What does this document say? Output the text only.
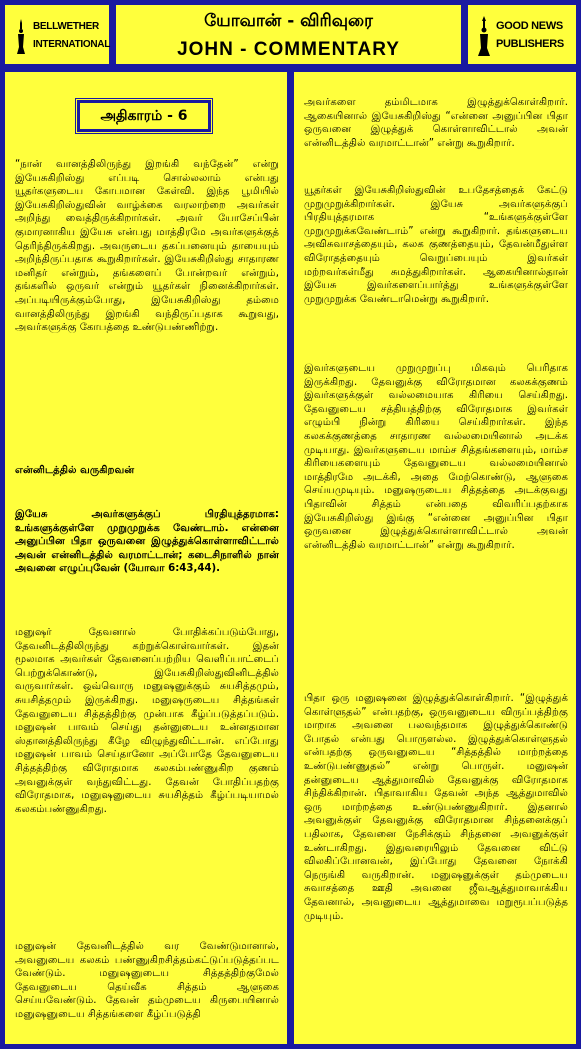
BELLWETHER
INTERNATIONAL
யோவான் - விரிவுரை
JOHN - COMMENTARY
GOOD NEWS
PUBLISHERS
அதிகாரம் - 6

“நான் வானத்திலிருந்து இறங்கி வந்தேன்” என்று இயேசுகிறிஸ்து எப்படி சொல்லலாம் என்பது யூதர்களுடைய கோபமான கேள்வி. இந்த பூமியில் இயேசுகிறிஸ்துவின் வாழ்க்கை வரலாற்றை அவர்கள் அறிந்து வைத்திருக்கிறார்கள். அவர் யோசேப்பின் குமாரனாகிய இயேசு என்பது மாத்திரமே அவர்களுக்குத் தெரிந்திருக்கிறது. அவருடைய தகப்பனையும் தாயையும் அறிந்திருப்பதாக கூறுகிறார்கள். இயேசுகிறிஸ்து சாதாரண மனிதர் என்றும், தங்களைப் போன்றவர் என்றும், தங்களில் ஒருவர் என்றும் யூதர்கள் நினைக்கிறார்கள். அப்படியிருக்கும்போது, இயேசுகிறிஸ்து தம்மை வானத்திலிருந்து இறங்கி வந்திருப்பதாக கூறுவது, அவர்களுக்கு கோபத்தை உண்டுபண்ணிற்று.

என்னிடத்தில் வருகிறவன்

இயேசு அவர்களுக்குப் பிரதியுத்தரமாக: உங்களுக்குள்ளே முறுமுறுக்க வேண்டாம். என்னை அனுப்பின பிதா ஒருவனை இழுத்துக்கொள்ளாவிட்டால் அவன் என்னிடத்தில் வரமாட்டான்; கடைசிநாளில் நான் அவனை எழுப்புவேன் (யோவா 6:43,44).

மனுஷர் தேவனால் போதிக்கப்படும்போது, தேவனிடத்திலிருந்து கற்றுக்கொள்வார்கள். இதன் மூலமாக அவர்கள் தேவனைப்பற்றிய வெளிப்பாட்டைப் பெற்றுக்கொண்டு, இயேசுகிறிஸ்துவினிடத்தில் வருவார்கள். ஒவ்வொரு மனுஷனுக்கும் சுயசித்தமும், சுயசித்தமும் இருக்கிறது. மனுஷருடைய சித்தங்கள் தேவனுடைய சித்தத்திற்கு முன்பாக கீழ்ப்படுத்தப்படும். மனுஷன் பாவம் செய்து தன்னுடைய உன்னதமான ஸ்தானத்திலிருந்து கீழே விழுந்துவிட்டான். எப்போது மனுஷன் பாவம் செய்தானோ அப்போதே தேவனுடைய சித்தத்திற்கு விரோதமாக கலகம்பண்ணுகிற குணம் அவனுக்குள் வந்துவிட்டது. தேவன் போதிப்பதற்கு விரோதமாக, மனுஷனுடைய சுயசித்தம் கீழ்ப்படியாமல் கலகம்பண்ணுகிறது.

மனுஷன் தேவனிடத்தில் வர வேண்டுமானால், அவனுடைய கலகம் பண்ணுகிறசித்தம்கட்டுப்படுத்தப்பட வேண்டும். மனுஷனுடைய சித்தத்திற்குமேல் தேவனுடைய தெய்வீக சித்தம் ஆளுகை செய்யவேண்டும். தேவன் தம்முடைய கிருபையினால் மனுஷனுடைய சித்தங்களை கீழ்ப்படுத்தி

அவர்களை தம்மிடமாக இழுத்துக்கொள்கிறார். ஆகையினால் இயேசுகிறிஸ்து “என்னை அனுப்பின பிதா ஒருவனை இழுத்துக் கொள்ளாவிட்டால் அவன் என்னிடத்தில் வரமாட்டான்” என்று கூறுகிறார்.

யூதர்கள் இயேசுகிறிஸ்துவின் உபதேசத்தைக் கேட்டு முறுமுறுக்கிறார்கள். இயேசு அவர்களுக்குப் பிரதியுத்தரமாக “உங்களுக்குள்ளே முறுமுறுக்கவேண்டாம்” என்று கூறுகிறார். தங்களுடைய அவிசுவாசத்தையும், கலக குணத்தையும், தேவன்மீதுள்ள விரோதத்தையும் வெறுப்பையும் இவர்கள் மற்றவர்கள்மீது சுமத்துகிறார்கள். ஆகையினால்தான் இயேசு இவர்களைப்பார்த்து உங்களுக்குள்ளே முறுமுறுக்க வேண்டாமென்று கூறுகிறார்.

இவர்களுடைய முறுமுறுப்பு மிகவும் பெரிதாக இருக்கிறது. தேவனுக்கு விரோதமான கலகக்குணம் இவர்களுக்குள் வல்லமையாக கிரியை செய்கிறது. தேவனுடைய சத்தியத்திற்கு விரோதமாக இவர்கள் எழும்பி நின்று கிரியை செய்கிறார்கள். இந்த கலகக்குணத்தை சாதாரண வல்லமையினால் அடக்க முடியாது. இவர்களுடைய மாம்ச சித்தங்களையும், மாம்ச கிரியைகளையும் தேவனுடைய வல்லமையினால் மாத்திரமே அடக்கி, அதை மேற்கொண்டு, ஆளுகை செய்யமுடியும். மனுஷருடைய சித்தத்தை அடக்குவது பிதாவின் சித்தம் என்பதை விவரிப்பதற்காக இயேசுகிறிஸ்து இங்கு “என்னை அனுப்பின பிதா ஒருவனை இழுத்துக்கொள்ளாவிட்டால் அவன் என்னிடத்தில் வரமாட்டான்” என்று கூறுகிறார்.

பிதா ஒரு மனுஷனை இழுத்துக்கொள்கிறார். “இழுத்துக் கொள்ளுதல்” என்பதற்கு, ஒருவனுடைய விருப்பத்திற்கு மாறாக அவனை பலவந்தமாக இழுத்துக்கொண்டு போதல் என்பது பொருளல்ல. இழுத்துக்கொள்ளுதல் என்பதற்கு ஒருவனுடைய “சித்தத்தில் மாற்றத்தை உண்டுபண்ணுதல்” என்று பொருள். மனுஷன் தன்னுடைய ஆத்துமாவில் தேவனுக்கு விரோதமாக சிந்திக்கிறான். பிதாவாகிய தேவன் அந்த ஆத்துமாவில் ஒரு மாற்றத்தை உண்டுபண்ணுகிறார். இதனால் அவனுக்குள் தேவனுக்கு விரோதமான சிந்தனைக்குப் பதிலாக, தேவனை நேசிக்கும் சிந்தனை அவனுக்குள் உண்டாகிறது. இதுவரையிலும் தேவனை விட்டு விலகிப்போனவன், இப்போது தேவனை நோக்கி நெருங்கி வருகிறான். மனுஷனுக்குள் தம்முடைய சுவாசத்தை ஊதி அவனை ஜீவஆத்துமாவாக்கிய தேவனால், அவனுடைய ஆத்துமாவை மறுரூபப்படுத்த முடியும்.
